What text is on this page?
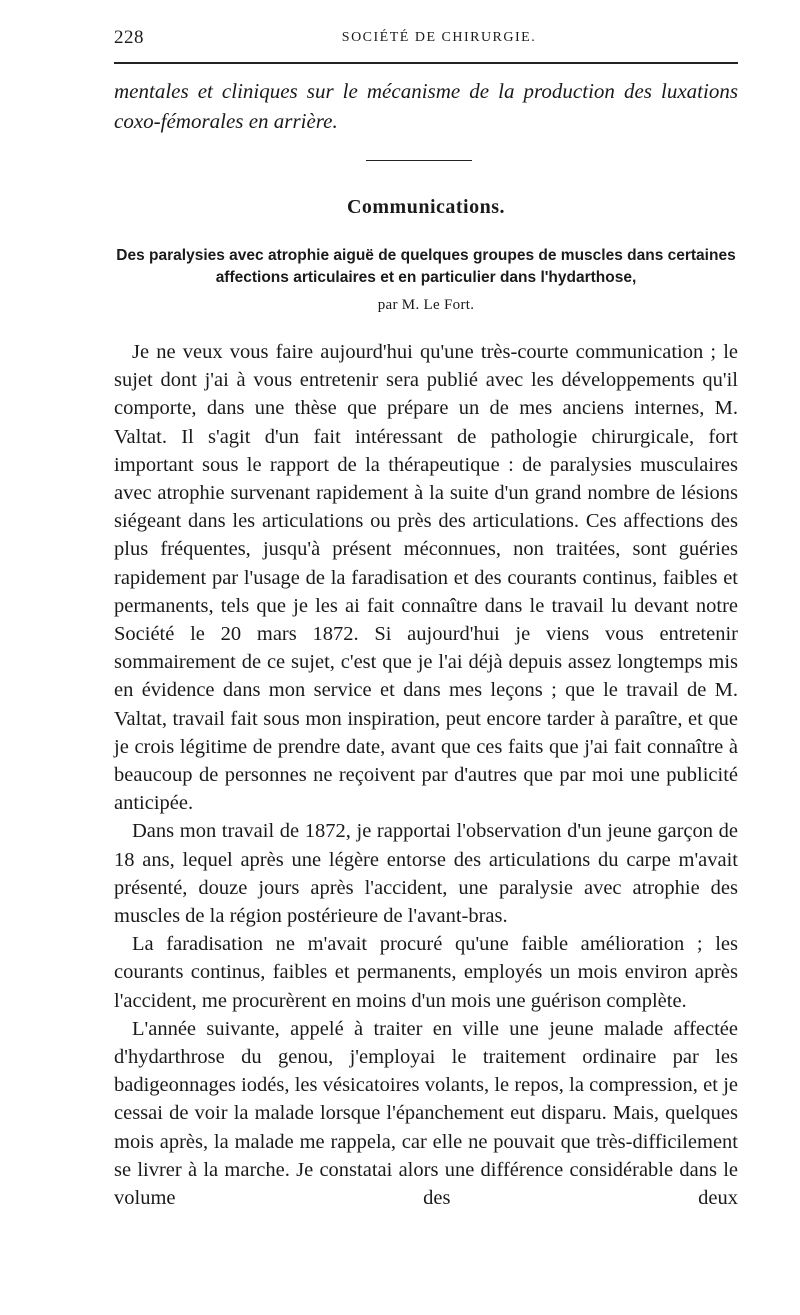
228	SOCIÉTÉ DE CHIRURGIE.
mentales et cliniques sur le mécanisme de la production des luxations coxo-fémorales en arrière.
Communications.
Des paralysies avec atrophie aiguë de quelques groupes de muscles dans certaines affections articulaires et en particulier dans l'hydarthose,
par M. Le Fort.

Je ne veux vous faire aujourd'hui qu'une très-courte communication ; le sujet dont j'ai à vous entretenir sera publié avec les développements qu'il comporte, dans une thèse que prépare un de mes anciens internes, M. Valtat. Il s'agit d'un fait intéressant de pathologie chirurgicale, fort important sous le rapport de la thérapeutique : de paralysies musculaires avec atrophie survenant rapidement à la suite d'un grand nombre de lésions siégeant dans les articulations ou près des articulations. Ces affections des plus fréquentes, jusqu'à présent méconnues, non traitées, sont guéries rapidement par l'usage de la faradisation et des courants continus, faibles et permanents, tels que je les ai fait connaître dans le travail lu devant notre Société le 20 mars 1872. Si aujourd'hui je viens vous entretenir sommairement de ce sujet, c'est que je l'ai déjà depuis assez longtemps mis en évidence dans mon service et dans mes leçons ; que le travail de M. Valtat, travail fait sous mon inspiration, peut encore tarder à paraître, et que je crois légitime de prendre date, avant que ces faits que j'ai fait connaître à beaucoup de personnes ne reçoivent par d'autres que par moi une publicité anticipée.

Dans mon travail de 1872, je rapportai l'observation d'un jeune garçon de 18 ans, lequel après une légère entorse des articulations du carpe m'avait présenté, douze jours après l'accident, une paralysie avec atrophie des muscles de la région postérieure de l'avant-bras.

La faradisation ne m'avait procuré qu'une faible amélioration ; les courants continus, faibles et permanents, employés un mois environ après l'accident, me procurèrent en moins d'un mois une guérison complète.

L'année suivante, appelé à traiter en ville une jeune malade affectée d'hydarthrose du genou, j'employai le traitement ordinaire par les badigeonnages iodés, les vésicatoires volants, le repos, la compression, et je cessai de voir la malade lorsque l'épanchement eut disparu. Mais, quelques mois après, la malade me rappela, car elle ne pouvait que très-difficilement se livrer à la marche. Je constatai alors une différence considérable dans le volume des deux
